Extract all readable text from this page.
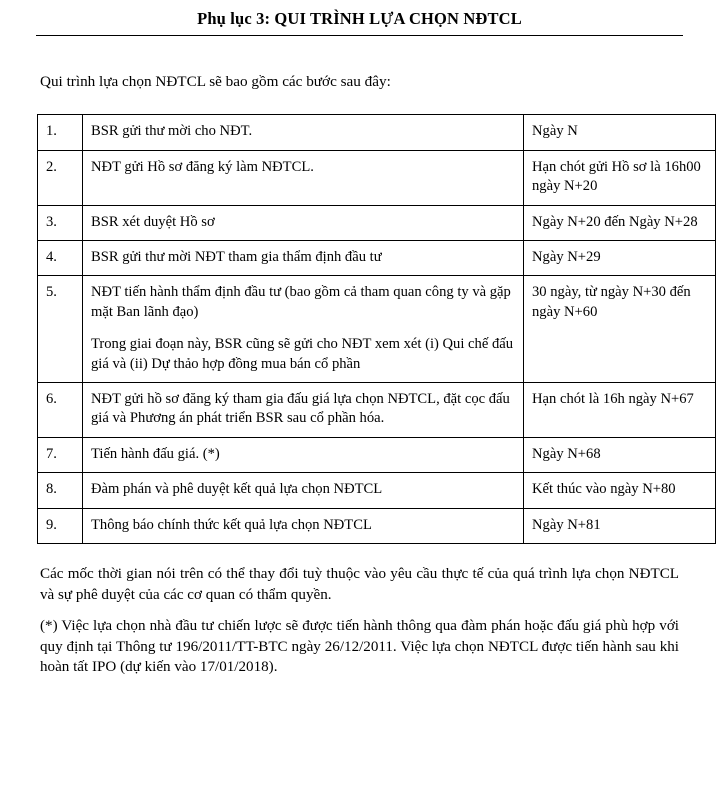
Phụ lục 3: QUI TRÌNH LỰA CHỌN NĐTCL

Qui trình lựa chọn NĐTCL sẽ bao gồm các bước sau đây:

1.	BSR gửi thư mời cho NĐT.	Ngày N
2.	NĐT gửi Hồ sơ đăng ký làm NĐTCL.	Hạn chót gửi Hồ sơ là 16h00 ngày N+20
3.	BSR xét duyệt Hồ sơ	Ngày N+20 đến Ngày N+28
4.	BSR gửi thư mời NĐT tham gia thẩm định đầu tư	Ngày N+29
5.	NĐT tiến hành thẩm định đầu tư (bao gồm cả tham quan công ty và gặp mặt Ban lãnh đạo)

Trong giai đoạn này, BSR cũng sẽ gửi cho NĐT xem xét (i) Qui chế đấu giá và (ii) Dự thảo hợp đồng mua bán cổ phần	30 ngày, từ ngày N+30 đến ngày N+60
6.	NĐT gửi hồ sơ đăng ký tham gia đấu giá lựa chọn NĐTCL, đặt cọc đấu giá và Phương án phát triển BSR sau cổ phần hóa.	Hạn chót là 16h ngày N+67
7.	Tiến hành đấu giá. (*)	Ngày N+68
8.	Đàm phán và phê duyệt kết quả lựa chọn NĐTCL	Kết thúc vào ngày N+80
9.	Thông báo chính thức kết quả lựa chọn NĐTCL	Ngày N+81

Các mốc thời gian nói trên có thể thay đổi tuỳ thuộc vào yêu cầu thực tế của quá trình lựa chọn NĐTCL và sự phê duyệt của các cơ quan có thẩm quyền.

(*) Việc lựa chọn nhà đầu tư chiến lược sẽ được tiến hành thông qua đàm phán hoặc đấu giá phù hợp với quy định tại Thông tư 196/2011/TT-BTC ngày 26/12/2011. Việc lựa chọn NĐTCL được tiến hành sau khi hoàn tất IPO (dự kiến vào 17/01/2018).
